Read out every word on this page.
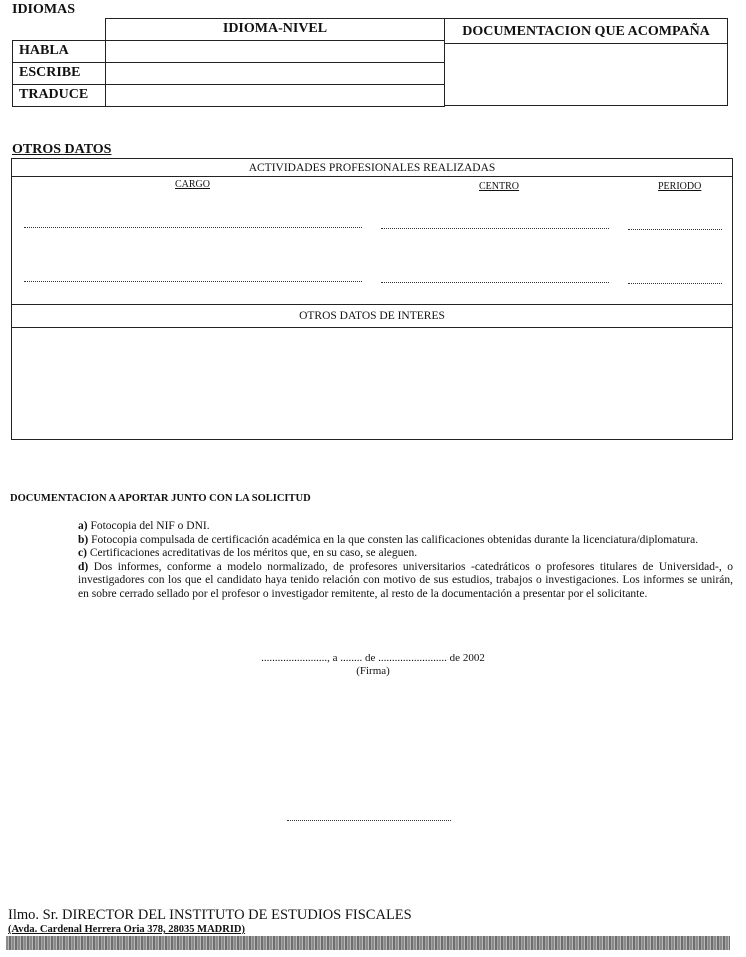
IDIOMAS
	IDIOMA-NIVEL
HABLA	
ESCRIBE	
TRADUCE	
DOCUMENTACION QUE ACOMPAÑA
OTROS DATOS
ACTIVIDADES PROFESIONALES REALIZADAS
CARGO	CENTRO	PERIODO
OTROS DATOS DE INTERES
DOCUMENTACION A APORTAR JUNTO CON LA SOLICITUD
a) Fotocopia del NIF o DNI.
b) Fotocopia compulsada de certificación académica en la que consten las calificaciones obtenidas durante la licenciatura/diplomatura.
c) Certificaciones acreditativas de los méritos que, en su caso, se aleguen.
d) Dos informes, conforme a modelo normalizado, de profesores universitarios -catedráticos o profesores titulares de Universidad-, o investigadores con los que el candidato haya tenido relación con motivo de sus estudios, trabajos o investigaciones. Los informes se unirán, en sobre cerrado sellado por el profesor o investigador remitente, al resto de la documentación a presentar por el solicitante.
........................, a ........ de ......................... de 2002
(Firma)
Ilmo. Sr. DIRECTOR DEL INSTITUTO DE ESTUDIOS FISCALES
(Avda. Cardenal Herrera Oria 378, 28035 MADRID)
